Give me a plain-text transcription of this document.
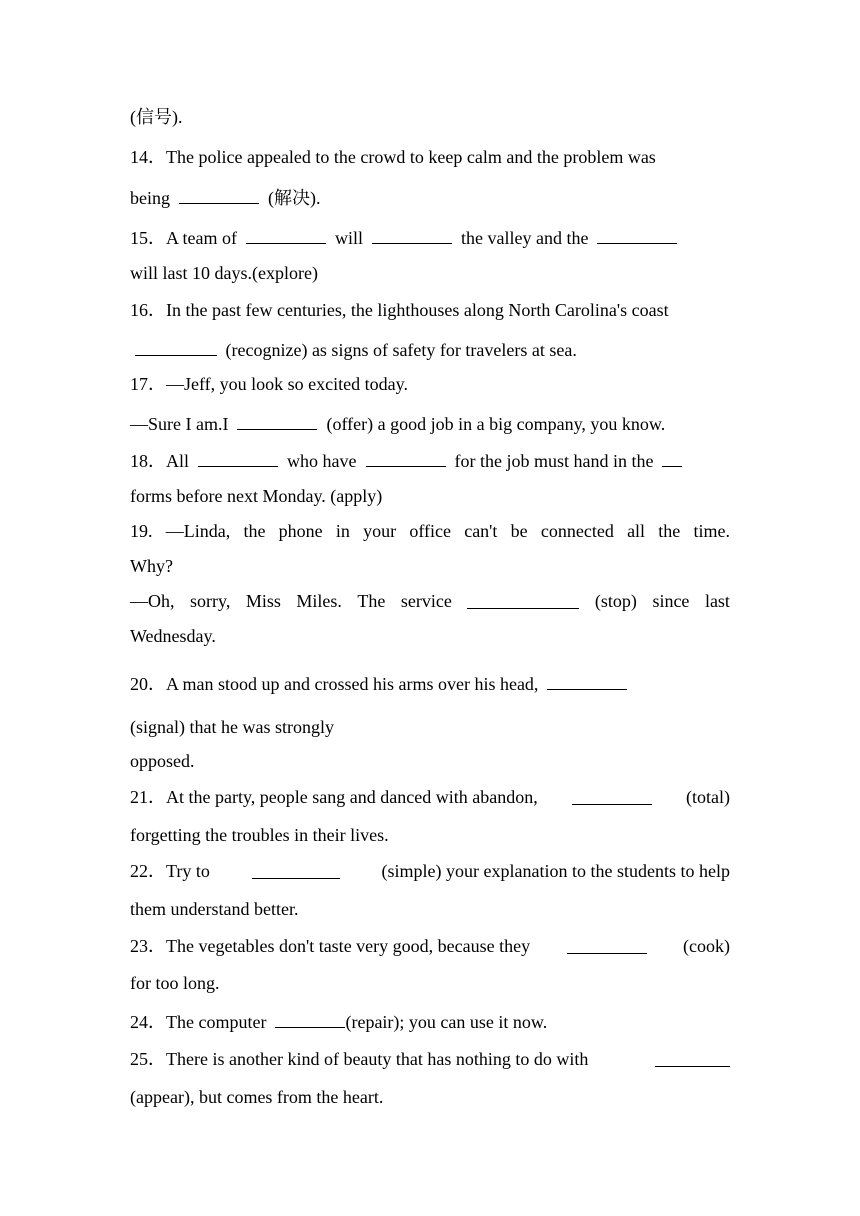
(信号).
14．The police appealed to the crowd to keep calm and the problem was
being	(解决).
15．A team of	will	the valley and the
will last 10 days.(explore)
16．In the past few centuries, the lighthouses along North Carolina's coast
(recognize) as signs of safety for travelers at sea.
17．—Jeff, you look so excited today.
—Sure I am.I	(offer) a good job in a big company, you know.
18．All	who have	for the job must hand in the
forms before next Monday. (apply)
19. —Linda, the phone in your office can't be connected all the time.
Why?
—Oh, sorry, Miss Miles. The service	(stop) since last
Wednesday.
20．A man stood up and crossed his arms over his head,
(signal) that he was strongly
opposed.
21．At the party, people sang and danced with abandon,	(total)
forgetting the troubles in their lives.
22．Try to	(simple) your explanation to the students to help
them understand better.
23．The vegetables don't taste very good, because they	(cook)
for too long.
24．The computer	(repair); you can use it now.
25．There is another kind of beauty that has nothing to do with
(appear), but comes from the heart.
